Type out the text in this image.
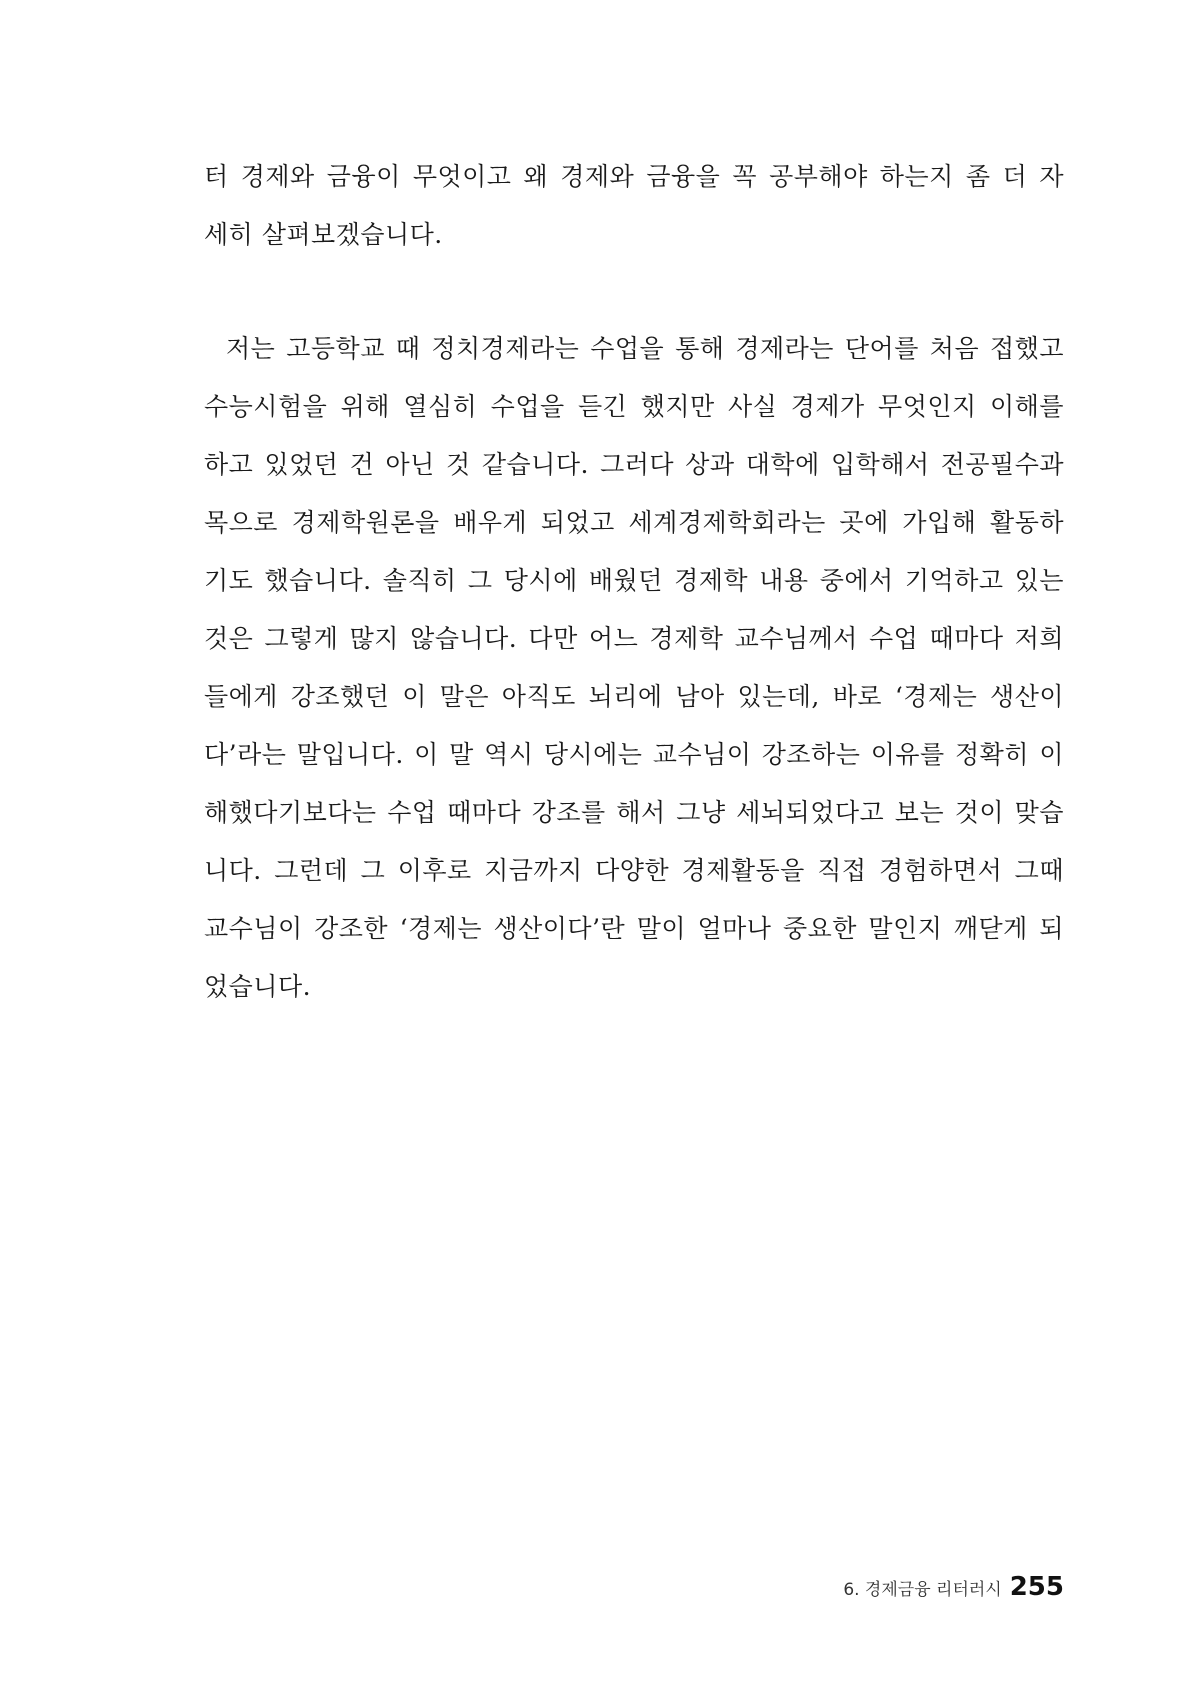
터 경제와 금융이 무엇이고 왜 경제와 금융을 꼭 공부해야 하는지 좀 더 자
세히 살펴보겠습니다.
저는 고등학교 때 정치경제라는 수업을 통해 경제라는 단어를 처음 접했고
수능시험을 위해 열심히 수업을 듣긴 했지만 사실 경제가 무엇인지 이해를
하고 있었던 건 아닌 것 같습니다. 그러다 상과 대학에 입학해서 전공필수과
목으로 경제학원론을 배우게 되었고 세계경제학회라는 곳에 가입해 활동하
기도 했습니다. 솔직히 그 당시에 배웠던 경제학 내용 중에서 기억하고 있는
것은 그렇게 많지 않습니다. 다만 어느 경제학 교수님께서 수업 때마다 저희
들에게 강조했던 이 말은 아직도 뇌리에 남아 있는데, 바로 ‘경제는 생산이
다’라는 말입니다. 이 말 역시 당시에는 교수님이 강조하는 이유를 정확히 이
해했다기보다는 수업 때마다 강조를 해서 그냥 세뇌되었다고 보는 것이 맞습
니다. 그런데 그 이후로 지금까지 다양한 경제활동을 직접 경험하면서 그때
교수님이 강조한 ‘경제는 생산이다’란 말이 얼마나 중요한 말인지 깨닫게 되
었습니다.
6. 경제금융 리터러시 255
